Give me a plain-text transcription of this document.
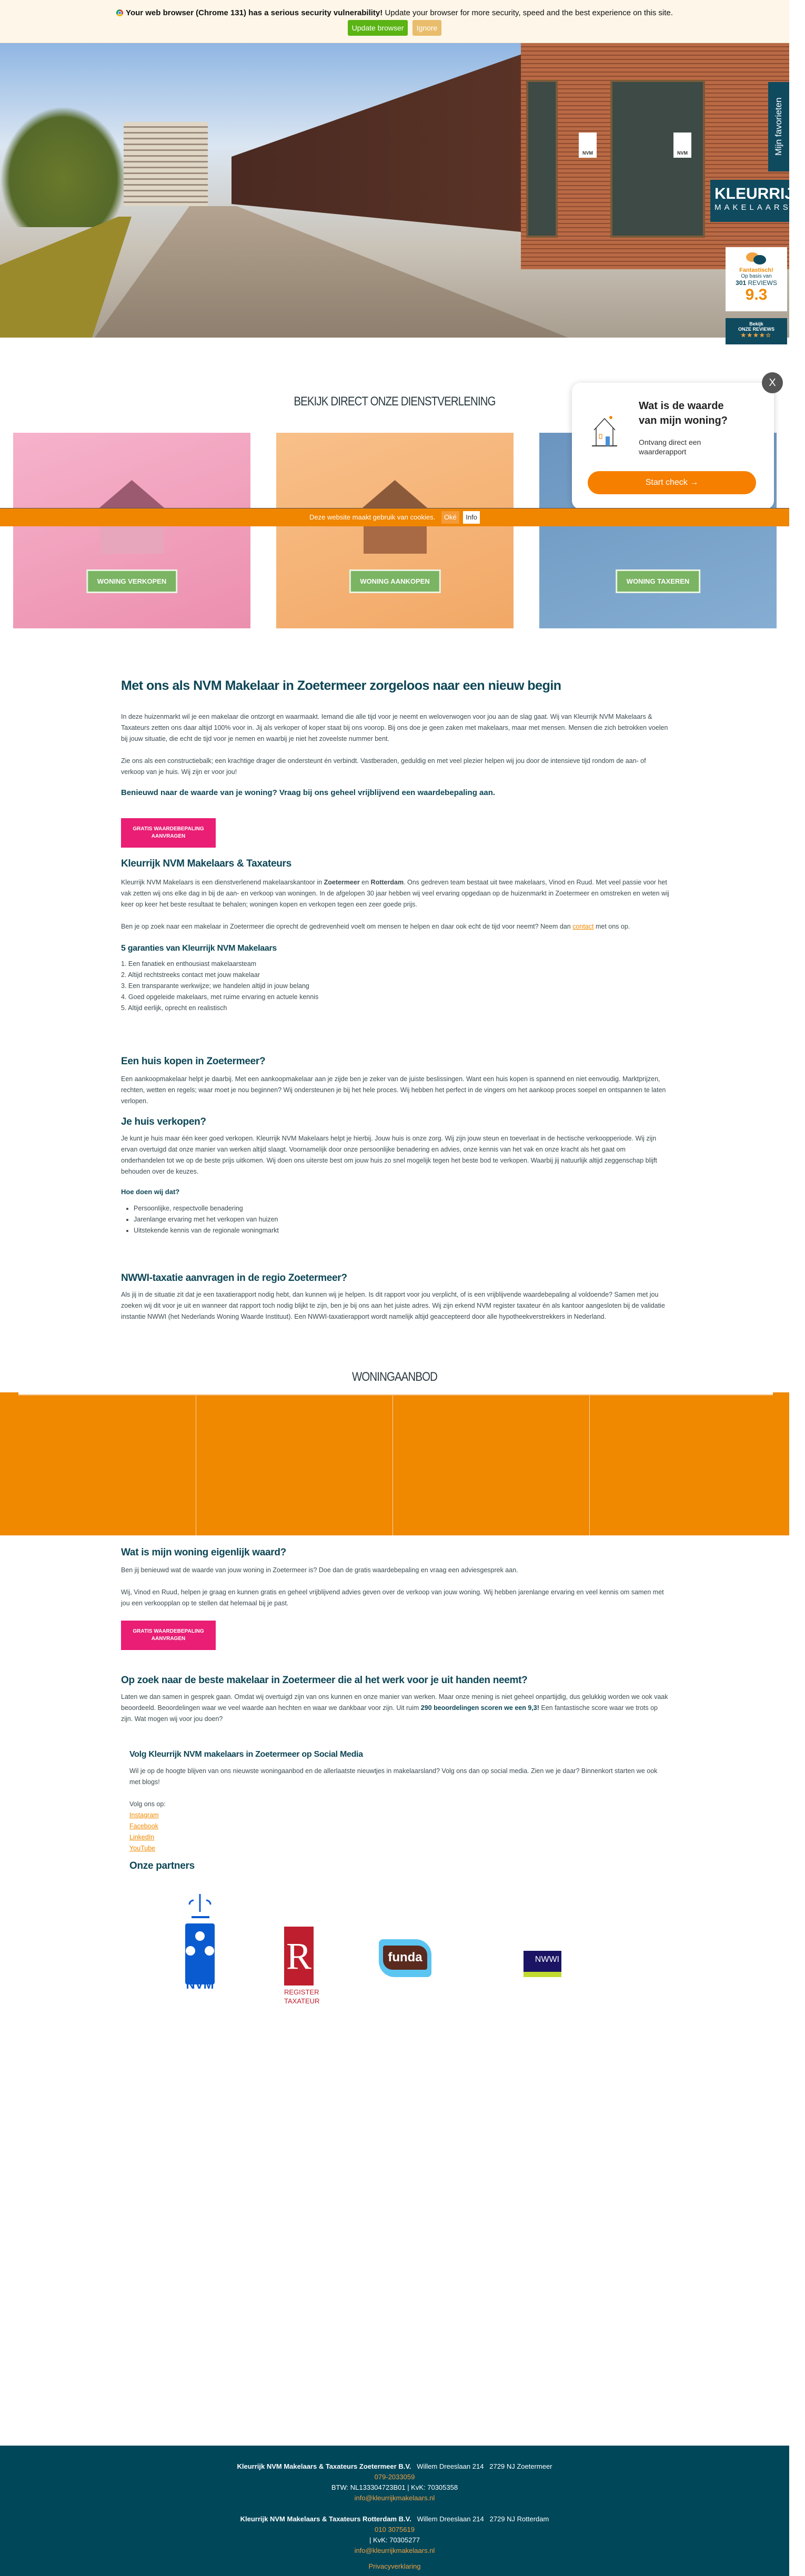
Your web browser (Chrome 131) has a serious security vulnerability! Update your browser for more security, speed and the best experience on this site.
Update browser Ignore
NVM	NVM
KLEURRIJK
MAKELAARS
Mijn favorieten
Fantastisch!
Op basis van
301 REVIEWS
9.3
Bekijk
ONZE REVIEWS
★★★★☆
BEKIJK DIRECT ONZE DIENSTVERLENING
WONING VERKOPEN	WONING AANKOPEN	WONING TAXEREN
Wat is de waarde van mijn woning?

Ontvang direct een waarderapport

Start check →
X
Deze website maakt gebruik van cookies. Oké Info
Met ons als NVM Makelaar in Zoetermeer zorgeloos naar een nieuw begin

In deze huizenmarkt wil je een makelaar die ontzorgt en waarmaakt. Iemand die alle tijd voor je neemt en weloverwogen voor jou aan de slag gaat. Wij van Kleurrijk NVM Makelaars & Taxateurs zetten ons daar altijd 100% voor in. Jij als verkoper of koper staat bij ons voorop. Bij ons doe je geen zaken met makelaars, maar met mensen. Mensen die zich betrokken voelen bij jouw situatie, die echt de tijd voor je nemen en waarbij je niet het zoveelste nummer bent.

Zie ons als een constructiebalk; een krachtige drager die ondersteunt én verbindt. Vastberaden, geduldig en met veel plezier helpen wij jou door de intensieve tijd rondom de aan- of verkoop van je huis. Wij zijn er voor jou!

Benieuwd naar de waarde van je woning? Vraag bij ons geheel vrijblijvend een waardebepaling aan.
GRATIS WAARDEBEPALING AANVRAGEN
Kleurrijk NVM Makelaars & Taxateurs

Kleurrijk NVM Makelaars is een dienstverlenend makelaarskantoor in Zoetermeer en Rotterdam. Ons gedreven team bestaat uit twee makelaars, Vinod en Ruud. Met veel passie voor het vak zetten wij ons elke dag in bij de aan- en verkoop van woningen. In de afgelopen 30 jaar hebben wij veel ervaring opgedaan op de huizenmarkt in Zoetermeer en omstreken en weten wij keer op keer het beste resultaat te behalen; woningen kopen en verkopen tegen een zeer goede prijs.

Ben je op zoek naar een makelaar in Zoetermeer die oprecht de gedrevenheid voelt om mensen te helpen en daar ook echt de tijd voor neemt? Neem dan contact met ons op.

5 garanties van Kleurrijk NVM Makelaars
1. Een fanatiek en enthousiast makelaarsteam
2. Altijd rechtstreeks contact met jouw makelaar
3. Een transparante werkwijze; we handelen altijd in jouw belang
4. Goed opgeleide makelaars, met ruime ervaring en actuele kennis
5. Altijd eerlijk, oprecht en realistisch
Een huis kopen in Zoetermeer?

Een aankoopmakelaar helpt je daarbij. Met een aankoopmakelaar aan je zijde ben je zeker van de juiste beslissingen. Want een huis kopen is spannend en niet eenvoudig. Marktprijzen, rechten, wetten en regels; waar moet je nou beginnen? Wij ondersteunen je bij het hele proces. Wij hebben het perfect in de vingers om het aankoop proces soepel en ontspannen te laten verlopen.

Je huis verkopen?

Je kunt je huis maar één keer goed verkopen. Kleurrijk NVM Makelaars helpt je hierbij. Jouw huis is onze zorg. Wij zijn jouw steun en toeverlaat in de hectische verkoopperiode. Wij zijn ervan overtuigd dat onze manier van werken altijd slaagt. Voornamelijk door onze persoonlijke benadering en advies, onze kennis van het vak en onze kracht als het gaat om onderhandelen tot we op de beste prijs uitkomen. Wij doen ons uiterste best om jouw huis zo snel mogelijk tegen het beste bod te verkopen. Waarbij jij natuurlijk altijd zeggenschap blijft behouden over de keuzes.

Hoe doen wij dat?
• Persoonlijke, respectvolle benadering
• Jarenlange ervaring met het verkopen van huizen
• Uitstekende kennis van de regionale woningmarkt
NWWI-taxatie aanvragen in de regio Zoetermeer?

Als jij in de situatie zit dat je een taxatierapport nodig hebt, dan kunnen wij je helpen. Is dit rapport voor jou verplicht, of is een vrijblijvende waardebepaling al voldoende? Samen met jou zoeken wij dit voor je uit en wanneer dat rapport toch nodig blijkt te zijn, ben je bij ons aan het juiste adres. Wij zijn erkend NVM register taxateur én als kantoor aangesloten bij de validatie instantie NWWI (het Nederlands Woning Waarde Instituut). Een NWWI-taxatierapport wordt namelijk altijd geaccepteerd door alle hypotheekverstrekkers in Nederland.

WONINGAANBOD
Wat is mijn woning eigenlijk waard?

Ben jij benieuwd wat de waarde van jouw woning in Zoetermeer is? Doe dan de gratis waardebepaling en vraag een adviesgesprek aan.

Wij, Vinod en Ruud, helpen je graag en kunnen gratis en geheel vrijblijvend advies geven over de verkoop van jouw woning. Wij hebben jarenlange ervaring en veel kennis om samen met jou een verkoopplan op te stellen dat helemaal bij je past.

GRATIS WAARDEBEPALING AANVRAGEN
Op zoek naar de beste makelaar in Zoetermeer die al het werk voor je uit handen neemt?

Laten we dan samen in gesprek gaan. Omdat wij overtuigd zijn van ons kunnen en onze manier van werken. Maar onze mening is niet geheel onpartijdig, dus gelukkig worden we ook vaak beoordeeld. Beoordelingen waar we veel waarde aan hechten en waar we dankbaar voor zijn. Uit ruim 290 beoordelingen scoren we een 9,3! Een fantastische score waar we trots op zijn. Wat mogen wij voor jou doen?

Volg Kleurrijk NVM makelaars in Zoetermeer op Social Media

Wil je op de hoogte blijven van ons nieuwste woningaanbod en de allerlaatste nieuwtjes in makelaarsland? Volg ons dan op social media. Zien we je daar? Binnenkort starten we ook met blogs!

Volg ons op:

Instagram
Facebook
LinkedIn
YouTube
Onze partners
NVM
R
REGISTER
TAXATEUR
funda	NWWI
Kleurrijk NVM Makelaars & Taxateurs Zoetermeer B.V. Willem Dreeslaan 214 2729 NJ Zoetermeer
079-2033059
BTW: NL133304723B01 | KvK: 70305358
info@kleurrijkmakelaars.nl
Kleurrijk NVM Makelaars & Taxateurs Rotterdam B.V. Willem Dreeslaan 214 2729 NJ Rotterdam
010 3075619
| KvK: 70305277
info@kleurrijkmakelaars.nl
Privacyverklaring
